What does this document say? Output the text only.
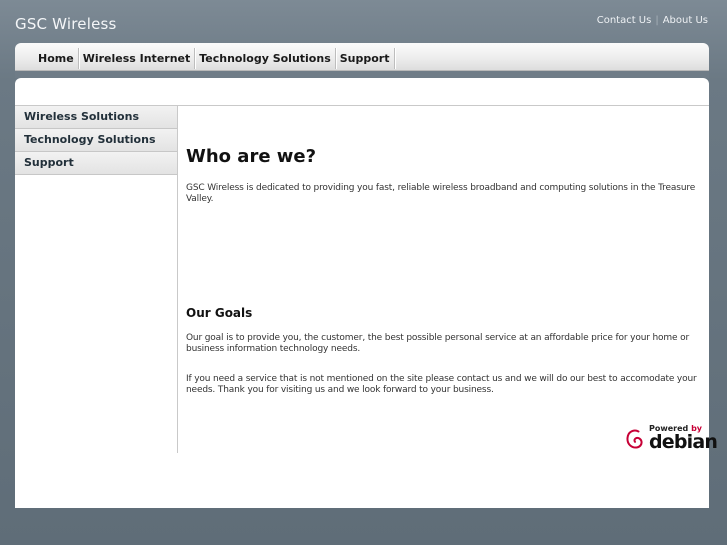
GSC Wireless	Contact Us | About Us
Home Wireless Internet Technology Solutions Support
Wireless Solutions
Technology Solutions
Support	Who are we?

GSC Wireless is dedicated to providing you fast, reliable wireless broadband and computing solutions in the Treasure Valley.

Our Goals

Our goal is to provide you, the customer, the best possible personal service at an affordable price for your home or business information technology needs.

If you need a service that is not mentioned on the site please contact us and we will do our best to accomodate your needs. Thank you for visiting us and we look forward to your business.

Powered by
debian
